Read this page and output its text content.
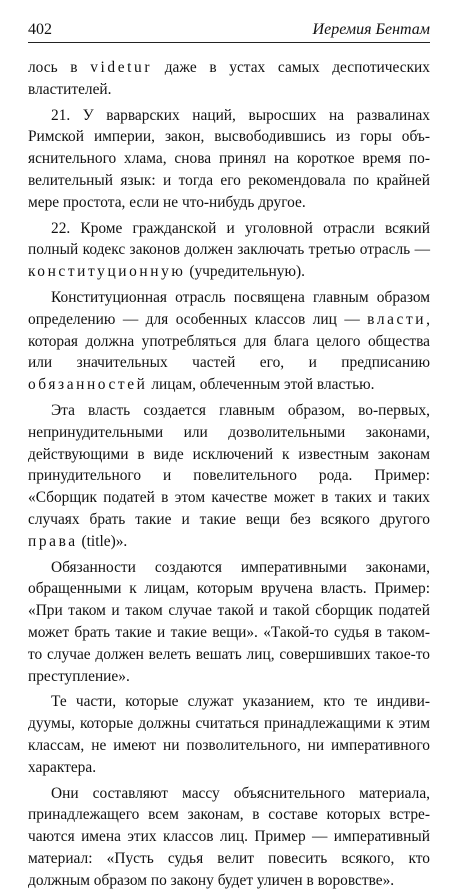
402	Иеремия Бентам

лось в videtur даже в устах самых деспотических властителей.

21. У варварских наций, выросших на развалинах Римской империи, закон, высвободившись из горы объяснительного хлама, снова принял на короткое время повелительный язык: и тогда его рекомендовала по крайней мере простота, если не что-нибудь другое.

22. Кроме гражданской и уголовной отрасли всякий полный кодекс законов должен заключать третью отрасль — конституционную (учредительную).

Конституционная отрасль посвящена главным образом определению — для особенных классов лиц — власти, которая должна употребляться для блага целого общества или значительных частей его, и предписанию обязанностей лицам, облеченным этой властью.

Эта власть создается главным образом, во-первых, непринудительными или дозволительными законами, действующими в виде исключений к известным законам принудительного и повелительного рода. Пример: «Сборщик податей в этом качестве может в таких и таких случаях брать такие и такие вещи без всякого другого права (title)».

Обязанности создаются императивными законами, обращенными к лицам, которым вручена власть. Пример: «При таком и таком случае такой и такой сборщик податей может брать такие и такие вещи». «Такой-то судья в таком-то случае должен велеть вешать лиц, совершивших такое-то преступление».

Те части, которые служат указанием, кто те индивидуумы, которые должны считаться принадлежащими к этим классам, не имеют ни позволительного, ни императивного характера.

Они составляют массу объяснительного материала, принадлежащего всем законам, в составе которых встречаются имена этих классов лиц. Пример — императивный материал: «Пусть судья велит повесить всякого, кто должным образом по закону будет уличен в воровстве».
